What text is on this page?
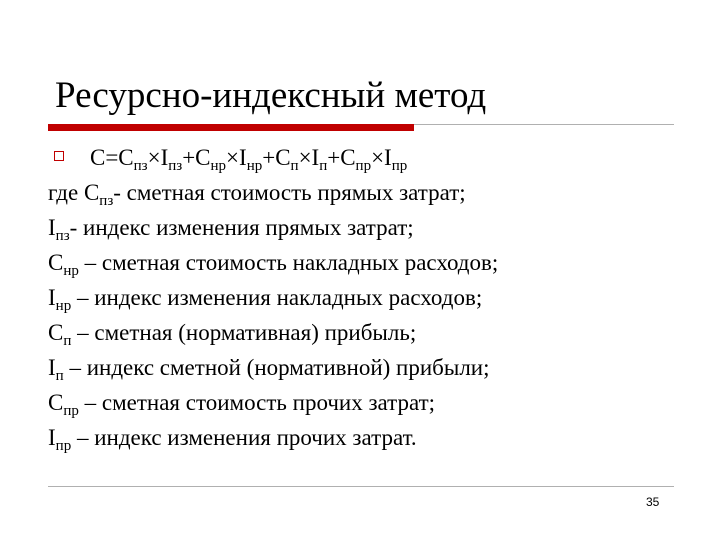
Ресурсно-индексный метод
$C=C_{пз}\times I_{пз}+C_{нр}\times I_{нр}+C_п\times I_п+C_{пр}\times I_{пр}$
где $C_{пз}-$ сметная стоимость прямых затрат;
$I_{пз}-$ индекс изменения прямых затрат;
$C_{нр}$ – сметная стоимость накладных расходов;
$I_{нр}$ – индекс изменения накладных расходов;
$C_п$ – сметная (нормативная) прибыль;
$I_п$ – индекс сметной (нормативной) прибыли;
$C_{пр}$ – сметная стоимость прочих затрат;
$I_{пр}$ – индекс изменения прочих затрат.
35
